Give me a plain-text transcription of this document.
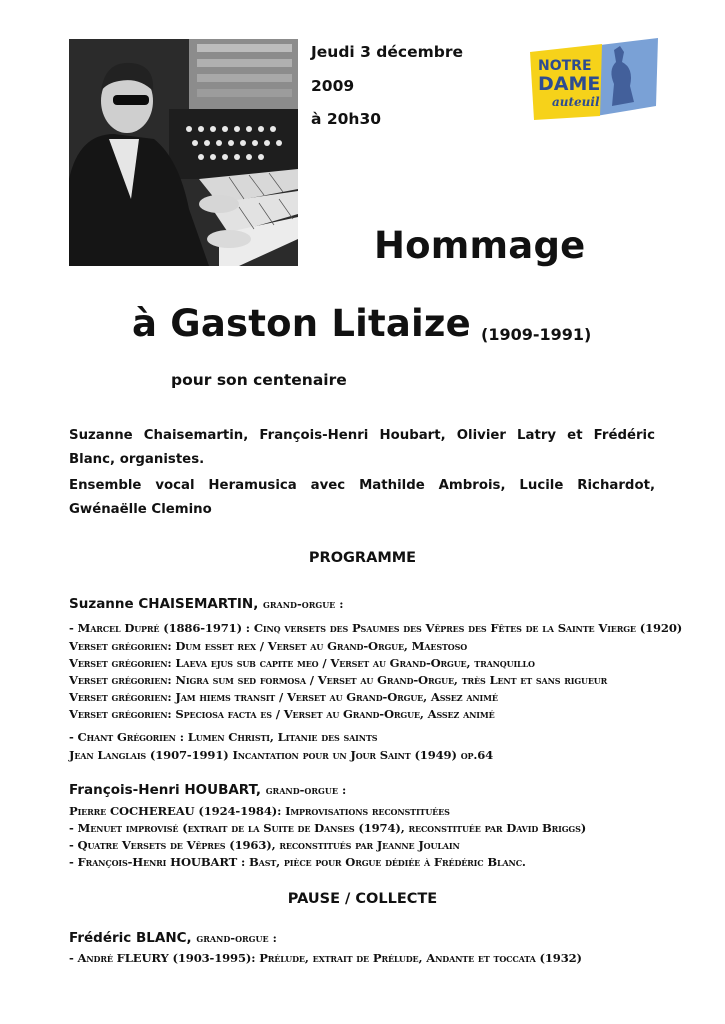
Jeudi 3 décembre
2009
à 20h30
NOTRE
DAME
auteuil
Hommage
à Gaston Litaize (1909-1991)
pour son centenaire
Suzanne Chaisemartin, François-Henri Houbart, Olivier Latry et Frédéric Blanc, organistes.
Ensemble vocal Heramusica avec Mathilde Ambrois, Lucile Richardot, Gwénaëlle Clemino
PROGRAMME
Suzanne CHAISEMARTIN, grand-orgue :
- Marcel Dupré (1886-1971) : Cinq versets des Psaumes des Vêpres des Fêtes de la Sainte Vierge (1920)
Verset grégorien: Dum esset rex / Verset au Grand-Orgue, Maestoso
Verset grégorien: Laeva ejus sub capite meo / Verset au Grand-Orgue, tranquillo
Verset grégorien: Nigra sum sed formosa / Verset au Grand-Orgue, très Lent et sans rigueur
Verset grégorien: Jam hiems transit / Verset au Grand-Orgue, Assez animé
Verset grégorien: Speciosa facta es / Verset au Grand-Orgue, Assez animé
- Chant Grégorien : Lumen Christi, Litanie des saints
Jean Langlais (1907-1991) Incantation pour un Jour Saint (1949) op.64
François-Henri HOUBART, grand-orgue :
Pierre COCHEREAU (1924-1984): Improvisations reconstituées
- Menuet improvisé (extrait de la Suite de Danses (1974), reconstituée par David Briggs)
- Quatre Versets de Vêpres (1963), reconstitués par Jeanne Joulain
- François-Henri HOUBART : Bast, pièce pour Orgue dédiée à Frédéric Blanc.
PAUSE / COLLECTE
Frédéric BLANC, grand-orgue :
- André FLEURY (1903-1995): Prélude, extrait de Prélude, Andante et toccata (1932)
